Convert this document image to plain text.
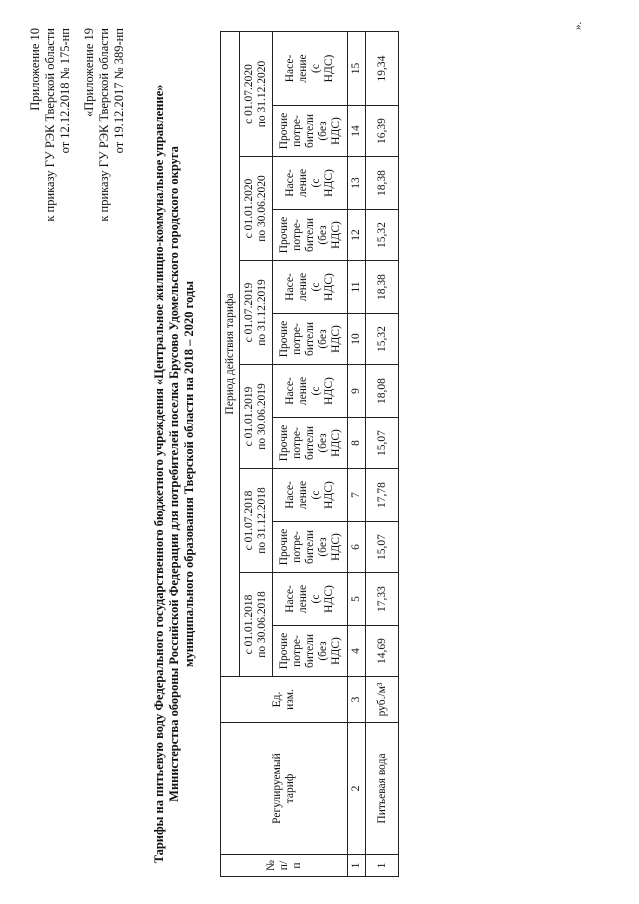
Приложение 10 к приказу ГУ РЭК Тверской области от 12.12.2018 № 175-нп «Приложение 19 к приказу ГУ РЭК Тверской области от 19.12.2017 № 389-нп Тарифы на питьевую воду Федерального государственного бюджетного учреждения «Центральное жилищно-коммунальное управление» Министерства обороны Российской Федерации для потребителей поселка Брусово Удомельского городского округа муниципального образования Тверской области на 2018 – 2020 годы
№ п/ п	Регулируемый тариф	Ед. изм.	Период действия тарифа											

			с 01.01.2018 по 30.06.2018		с 01.07.2018 по 31.12.2018		с 01.01.2019 по 30.06.2019		с 01.07.2019 по 31.12.2019		с 01.01.2020 по 30.06.2020		с 01.07.2020 по 31.12.2020	

			Прочие потре- бители (без НДС)	Насе- ление (с НДС)	Прочие потре- бители (без НДС)	Насе- ление (с НДС)	Прочие потре- бители (без НДС)	Насе- ление (с НДС)	Прочие потре- бители (без НДС)	Насе- ление (с НДС)	Прочие потре- бители (без НДС)	Насе- ление (с НДС)	Прочие потре- бители (без НДС)	Насе- ление (с НДС)

1	2	3	4	5	6	7	8	9	10	11	12	13	14	15
1	Питьевая вода	руб./м³	14,69	17,33	15,07	17,78	15,07	18,08	15,32	18,38	15,32	18,38	16,39	19,34
».
